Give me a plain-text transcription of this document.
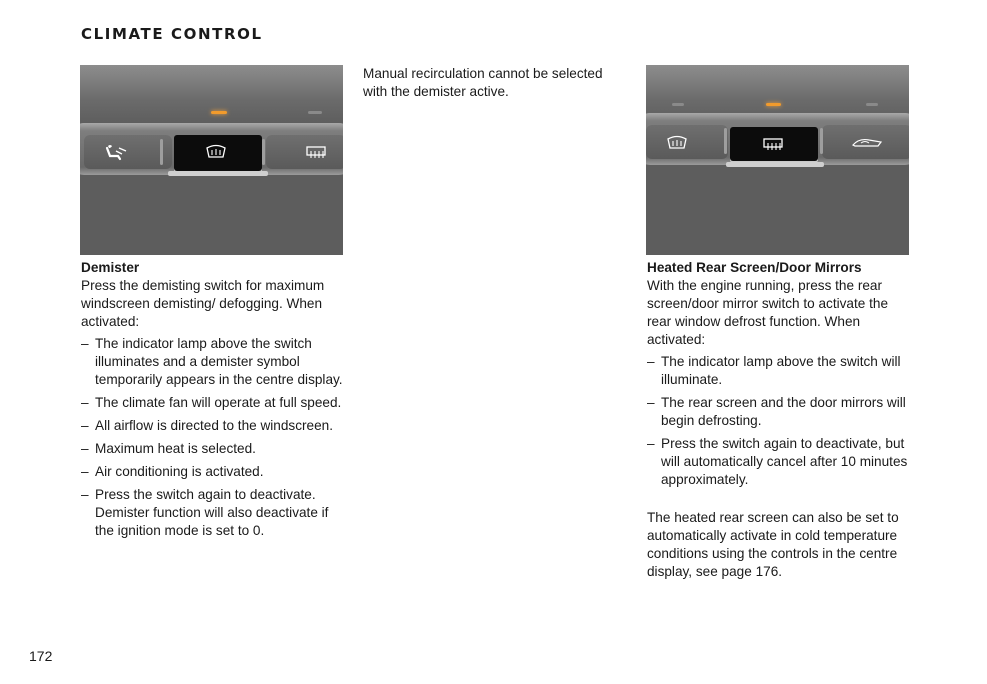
CLIMATE CONTROL
Demister

Press the demisting switch for maximum windscreen demisting/ defogging. When activated:

– The indicator lamp above the switch illuminates and a demister symbol temporarily appears in the centre display.
– The climate fan will operate at full speed.
– All airflow is directed to the windscreen.
– Maximum heat is selected.
– Air conditioning is activated.
– Press the switch again to deactivate. Demister function will also deactivate if the ignition mode is set to 0.

Manual recirculation cannot be selected with the demister active.

Heated Rear Screen/Door Mirrors

With the engine running, press the rear screen/door mirror switch to activate the rear window defrost function. When activated:

– The indicator lamp above the switch will illuminate.
– The rear screen and the door mirrors will begin defrosting.
– Press the switch again to deactivate, but will automatically cancel after 10 minutes approximately.

The heated rear screen can also be set to automatically activate in cold temperature conditions using the controls in the centre display, see page 176.

172
